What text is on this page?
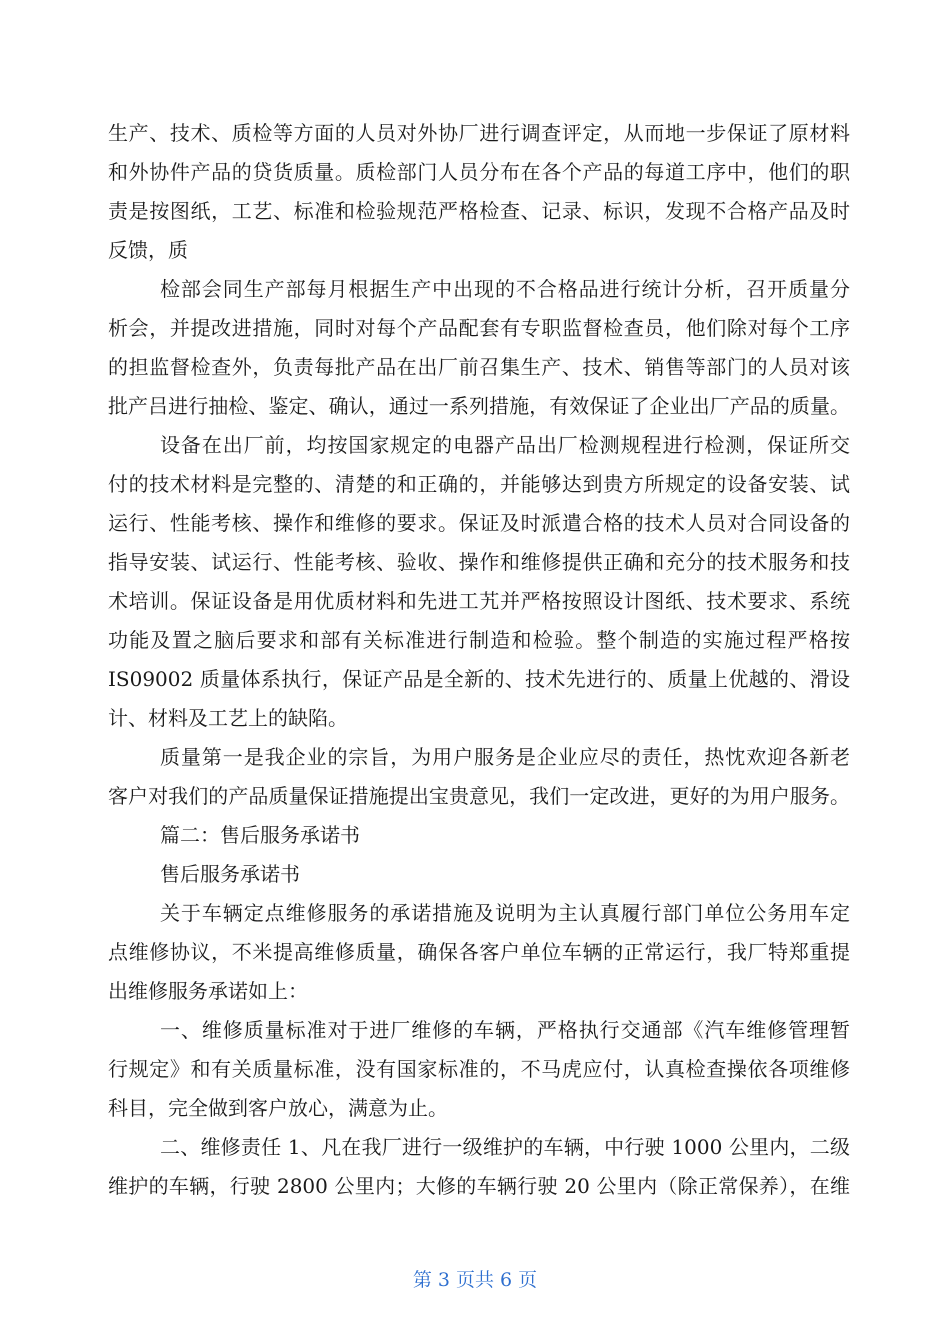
生产、技术、质检等方面的人员对外协厂进行调查评定，从而地一步保证了原材料
和外协件产品的贷货质量。质检部门人员分布在各个产品的每道工序中，他们的职
责是按图纸，工艺、标准和检验规范严格检查、记录、标识，发现不合格产品及时
反馈，质
检部会同生产部每月根据生产中出现的不合格品进行统计分析，召开质量分
析会，并提改进措施，同时对每个产品配套有专职监督检查员，他们除对每个工序
的担监督检查外，负责每批产品在出厂前召集生产、技术、销售等部门的人员对该
批产吕进行抽检、鉴定、确认，通过一系列措施，有效保证了企业出厂产品的质量。
设备在出厂前，均按国家规定的电器产品出厂检测规程进行检测，保证所交
付的技术材料是完整的、清楚的和正确的，并能够达到贵方所规定的设备安装、试
运行、性能考核、操作和维修的要求。保证及时派遣合格的技术人员对合同设备的
指导安装、试运行、性能考核、验收、操作和维修提供正确和充分的技术服务和技
术培训。保证设备是用优质材料和先进工艽并严格按照设计图纸、技术要求、系统
功能及置之脑后要求和部有关标准进行制造和检验。整个制造的实施过程严格按
IS09002 质量体系执行，保证产品是全新的、技术先进行的、质量上优越的、滑设
计、材料及工艺上的缺陷。
质量第一是我企业的宗旨，为用户服务是企业应尽的责任，热忱欢迎各新老
客户对我们的产品质量保证措施提出宝贵意见，我们一定改进，更好的为用户服务。
篇二：售后服务承诺书
售后服务承诺书
关于车辆定点维修服务的承诺措施及说明为主认真履行部门单位公务用车定
点维修协议，不米提高维修质量，确保各客户单位车辆的正常运行，我厂特郑重提
出维修服务承诺如上：
一、维修质量标准对于进厂维修的车辆，严格执行交通部《汽车维修管理暂
行规定》和有关质量标准，没有国家标准的，不马虎应付，认真检查操依各项维修
科目，完全做到客户放心，满意为止。
二、维修责任 1、凡在我厂进行一级维护的车辆，中行驶 1000 公里内，二级
维护的车辆，行驶 2800 公里内；大修的车辆行驶 20 公里内（除正常保养），在维
第 3 页共 6 页
